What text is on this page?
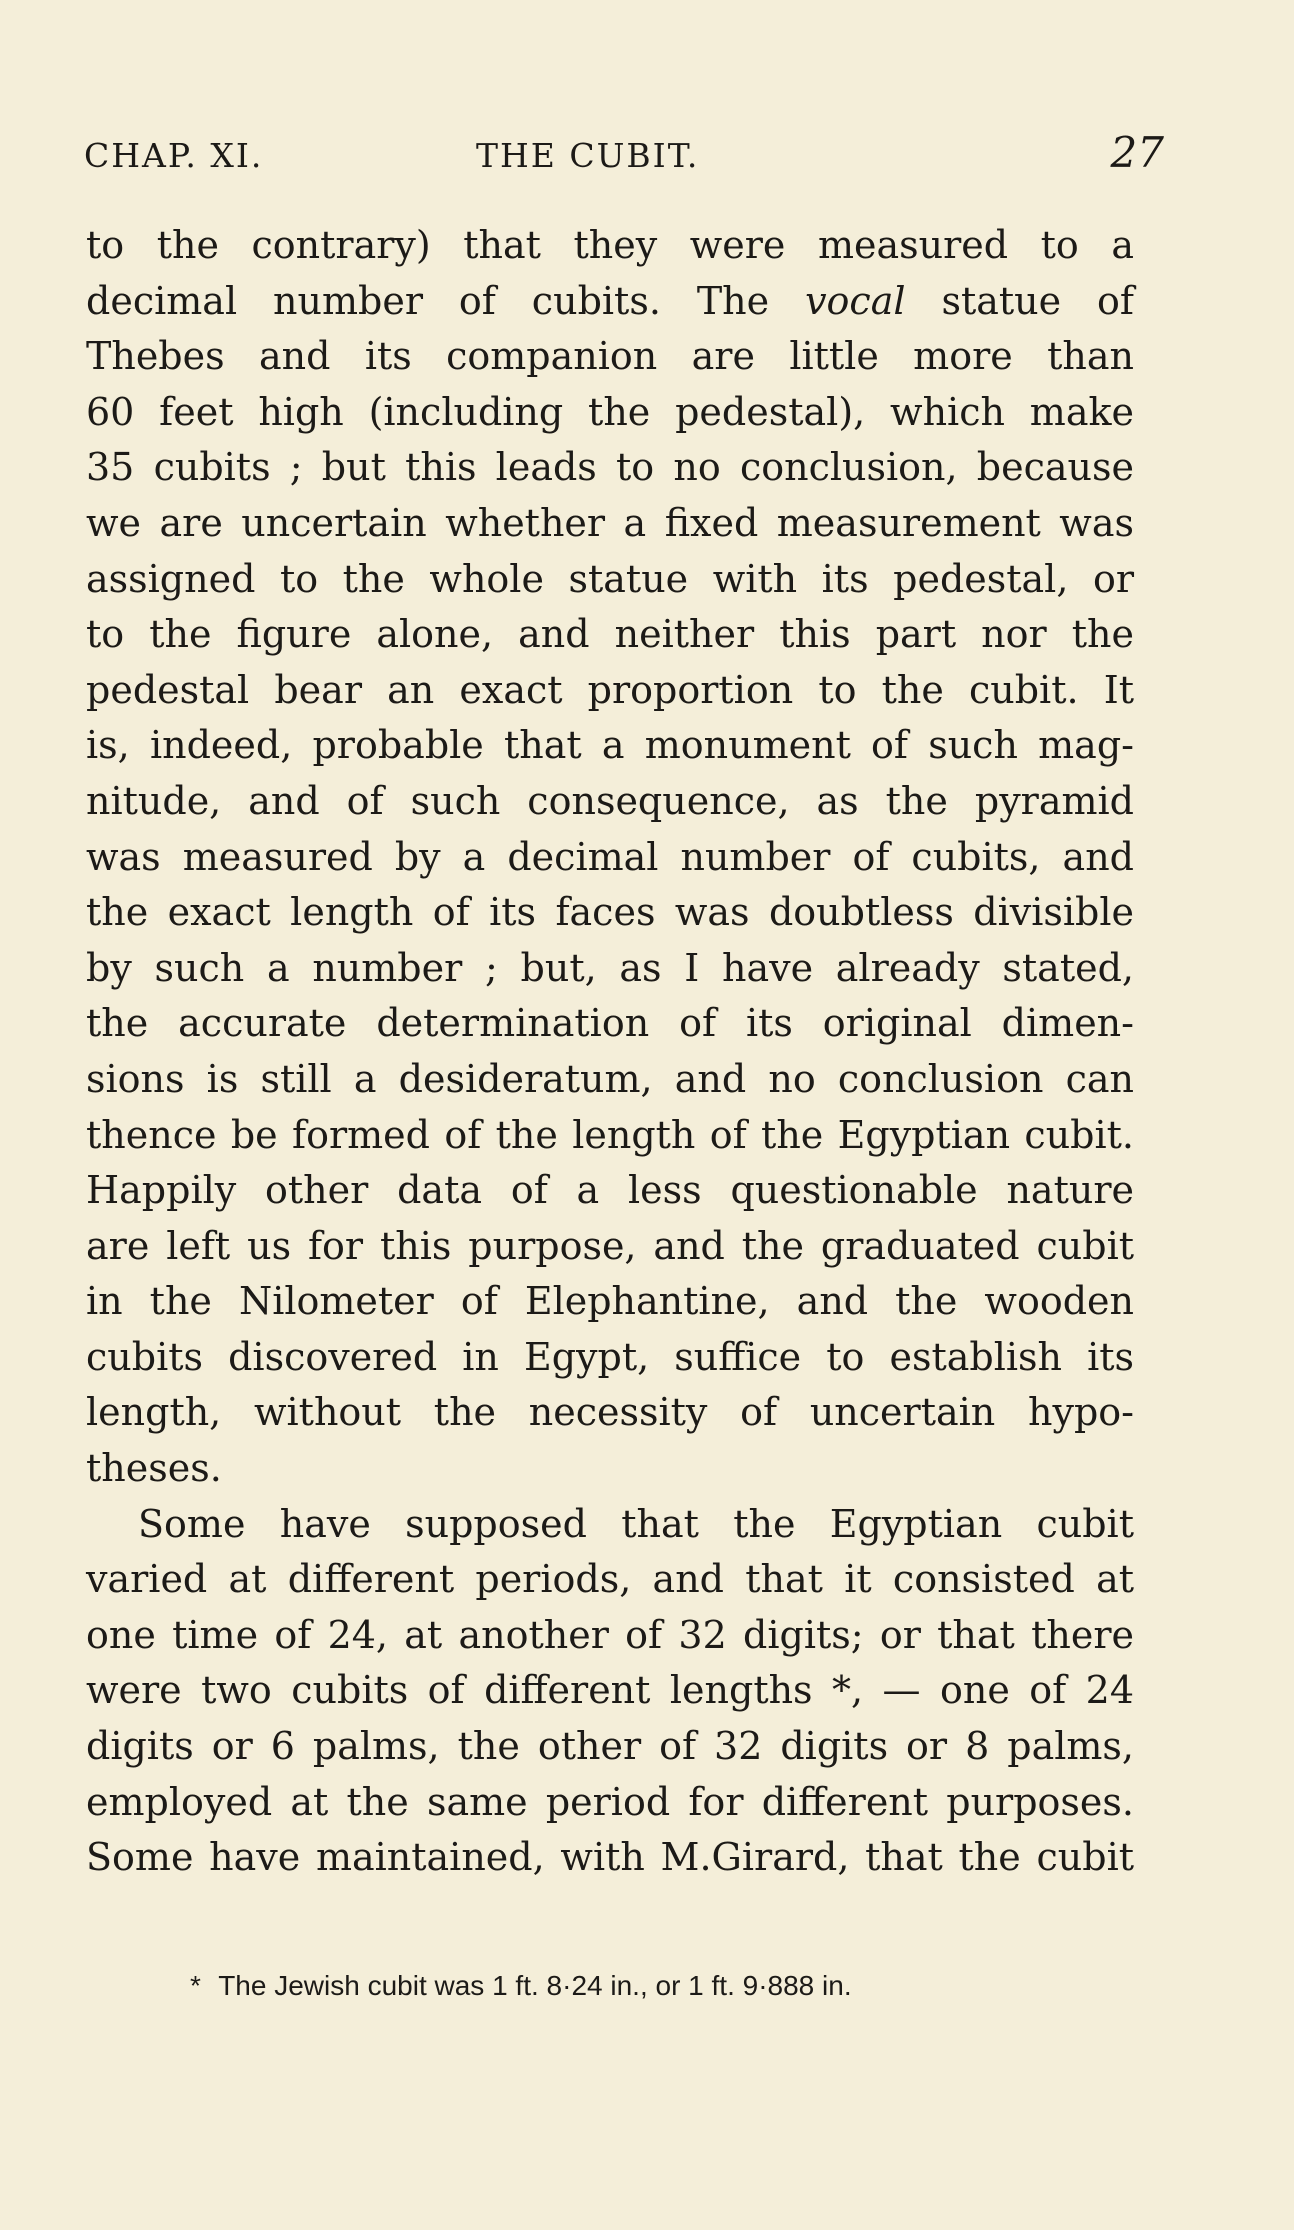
CHAP. XI.	THE CUBIT.	27
to the contrary) that they were measured to a
decimal number of cubits. The vocal statue of
Thebes and its companion are little more than
60 feet high (including the pedestal), which make
35 cubits ; but this leads to no conclusion, because
we are uncertain whether a fixed measurement was
assigned to the whole statue with its pedestal, or
to the figure alone, and neither this part nor the
pedestal bear an exact proportion to the cubit. It
is, indeed, probable that a monument of such mag-
nitude, and of such consequence, as the pyramid
was measured by a decimal number of cubits, and
the exact length of its faces was doubtless divisible
by such a number ; but, as I have already stated,
the accurate determination of its original dimen-
sions is still a desideratum, and no conclusion can
thence be formed of the length of the Egyptian cubit.
Happily other data of a less questionable nature
are left us for this purpose, and the graduated cubit
in the Nilometer of Elephantine, and the wooden
cubits discovered in Egypt, suffice to establish its
length, without the necessity of uncertain hypo-
theses.
Some have supposed that the Egyptian cubit
varied at different periods, and that it consisted at
one time of 24, at another of 32 digits; or that there
were two cubits of different lengths *, — one of 24
digits or 6 palms, the other of 32 digits or 8 palms,
employed at the same period for different purposes.
Some have maintained, with M.Girard, that the cubit
* The Jewish cubit was 1 ft. 8·24 in., or 1 ft. 9·888 in.
